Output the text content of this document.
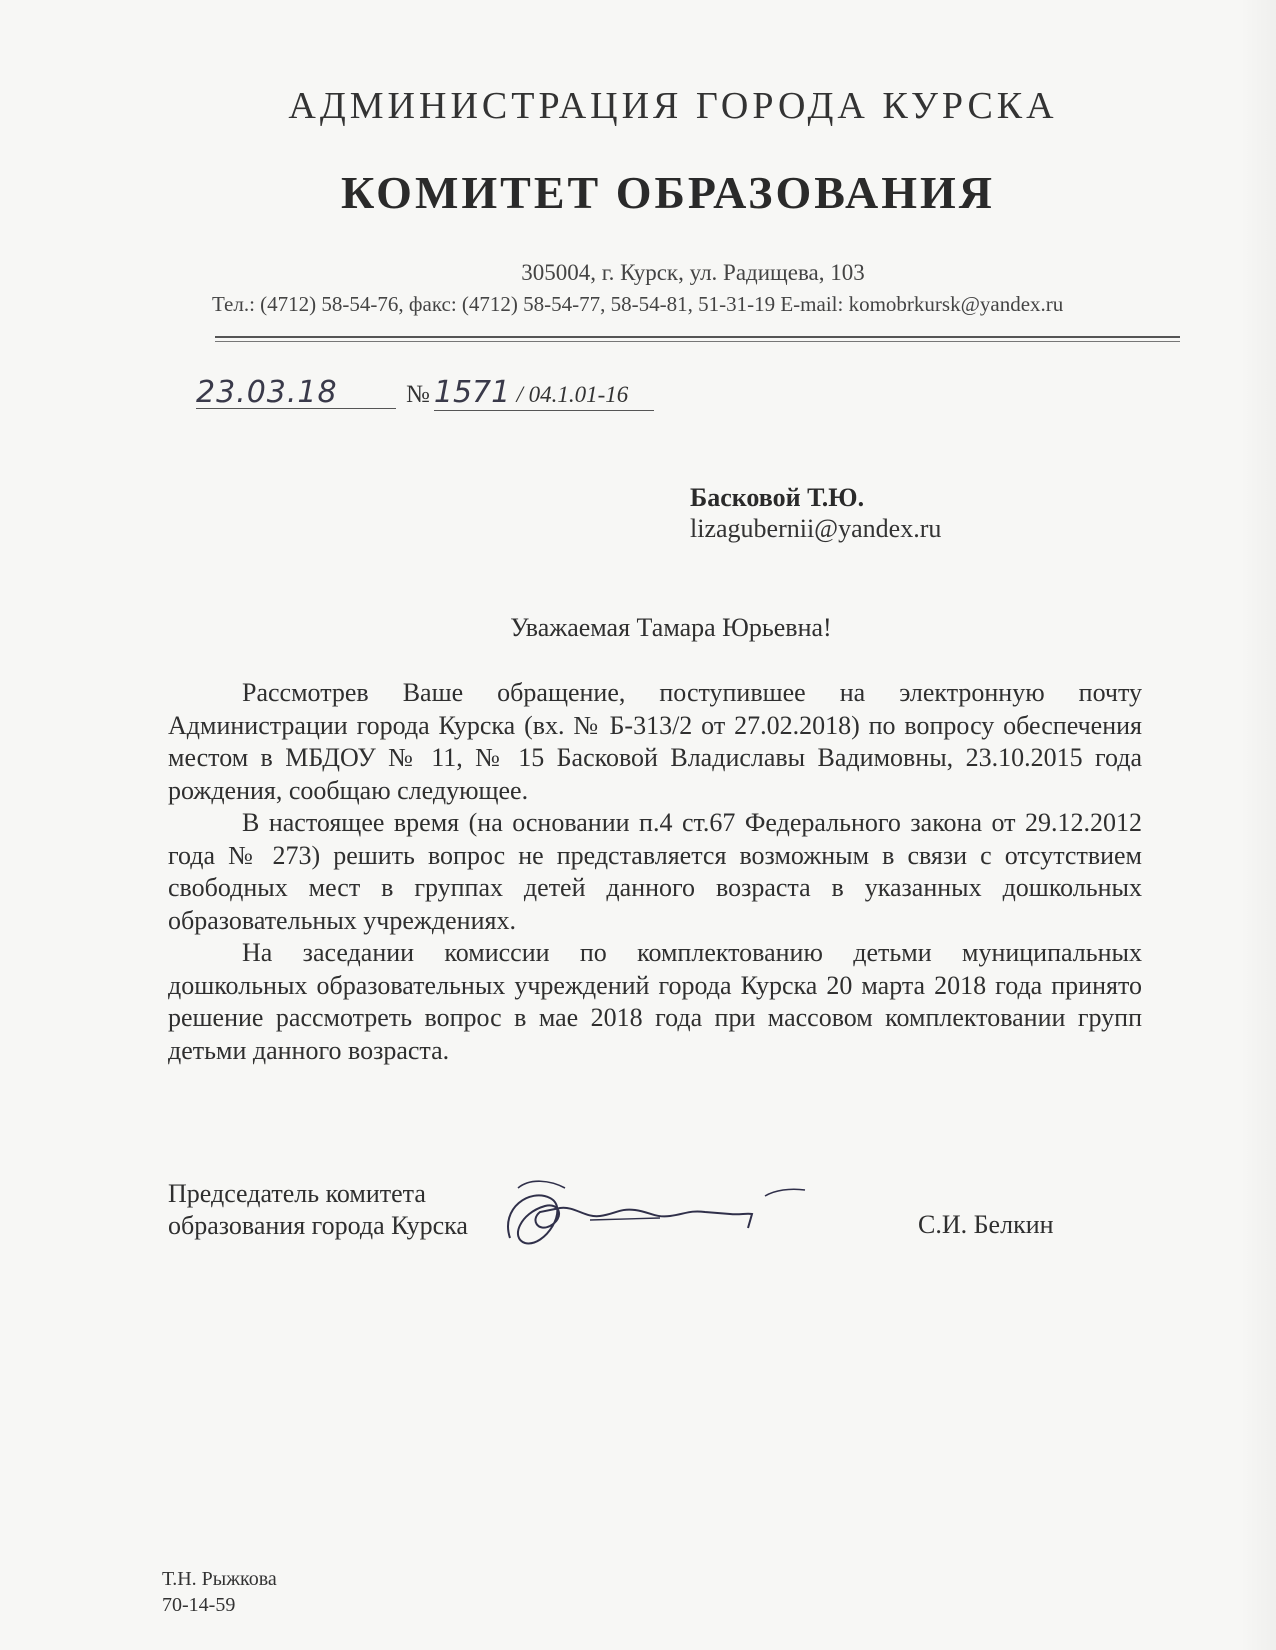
АДМИНИСТРАЦИЯ ГОРОДА КУРСКА
КОМИТЕТ ОБРАЗОВАНИЯ
305004, г. Курск, ул. Радищева, 103
Тел.: (4712) 58-54-76, факс: (4712) 58-54-77, 58-54-81, 51-31-19 E-mail: komobrkursk@yandex.ru
23.03.18	№ 1571 / 04.1.01-16
Басковой Т.Ю.
lizagubernii@yandex.ru
Уважаемая Тамара Юрьевна!

Рассмотрев Ваше обращение, поступившее на электронную почту Администрации города Курска (вх. № Б-313/2 от 27.02.2018) по вопросу обеспечения местом в МБДОУ № 11, № 15 Басковой Владиславы Вадимовны, 23.10.2015 года рождения, сообщаю следующее.

В настоящее время (на основании п.4 ст.67 Федерального закона от 29.12.2012 года № 273) решить вопрос не представляется возможным в связи с отсутствием свободных мест в группах детей данного возраста в указанных дошкольных образовательных учреждениях.

На заседании комиссии по комплектованию детьми муниципальных дошкольных образовательных учреждений города Курска 20 марта 2018 года принято решение рассмотреть вопрос в мае 2018 года при массовом комплектовании групп детьми данного возраста.

Председатель комитета
образования города Курска	С.И. Белкин
Т.Н. Рыжкова
70-14-59
